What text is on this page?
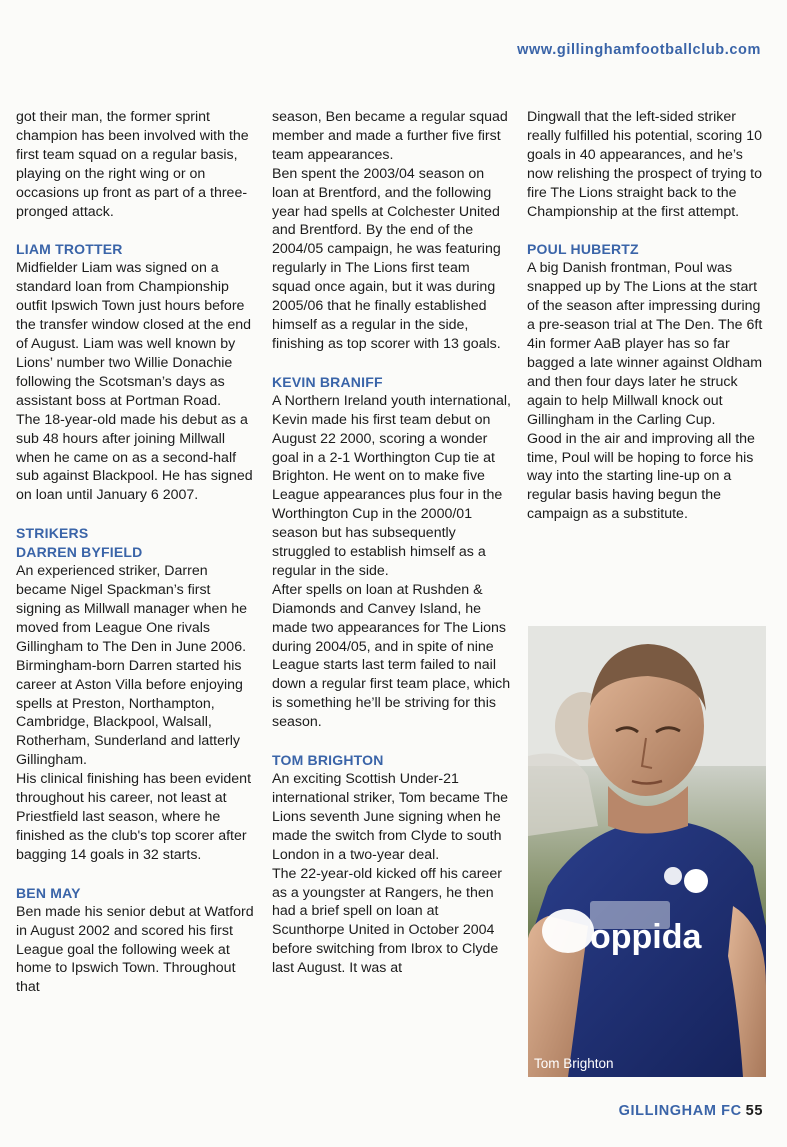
www.gillinghamfootballclub.com

got their man, the former sprint champion has been involved with the first team squad on a regular basis, playing on the right wing or on occasions up front as part of a three-pronged attack.

LIAM TROTTER

Midfielder Liam was signed on a standard loan from Championship outfit Ipswich Town just hours before the transfer window closed at the end of August. Liam was well known by Lions’ number two Willie Donachie following the Scotsman’s days as assistant boss at Portman Road.

The 18-year-old made his debut as a sub 48 hours after joining Millwall when he came on as a second-half sub against Blackpool. He has signed on loan until January 6 2007.

STRIKERS
DARREN BYFIELD

An experienced striker, Darren became Nigel Spackman’s first signing as Millwall manager when he moved from League One rivals Gillingham to The Den in June 2006.

Birmingham-born Darren started his career at Aston Villa before enjoying spells at Preston, Northampton, Cambridge, Blackpool, Walsall, Rotherham, Sunderland and latterly Gillingham.

His clinical finishing has been evident throughout his career, not least at Priestfield last season, where he finished as the club's top scorer after bagging 14 goals in 32 starts.

BEN MAY

Ben made his senior debut at Watford in August 2002 and scored his first League goal the following week at home to Ipswich Town. Throughout that

season, Ben became a regular squad member and made a further five first team appearances.

Ben spent the 2003/04 season on loan at Brentford, and the following year had spells at Colchester United and Brentford. By the end of the 2004/05 campaign, he was featuring regularly in The Lions first team squad once again, but it was during 2005/06 that he finally established himself as a regular in the side, finishing as top scorer with 13 goals.

KEVIN BRANIFF

A Northern Ireland youth international, Kevin made his first team debut on August 22 2000, scoring a wonder goal in a 2-1 Worthington Cup tie at Brighton. He went on to make five League appearances plus four in the Worthington Cup in the 2000/01 season but has subsequently struggled to establish himself as a regular in the side.

After spells on loan at Rushden & Diamonds and Canvey Island, he made two appearances for The Lions during 2004/05, and in spite of nine League starts last term failed to nail down a regular first team place, which is something he’ll be striving for this season.

TOM BRIGHTON

An exciting Scottish Under-21 international striker, Tom became The Lions seventh June signing when he made the switch from Clyde to south London in a two-year deal.

The 22-year-old kicked off his career as a youngster at Rangers, he then had a brief spell on loan at Scunthorpe United in October 2004 before switching from Ibrox to Clyde last August. It was at

Dingwall that the left-sided striker really fulfilled his potential, scoring 10 goals in 40 appearances, and he’s now relishing the prospect of trying to fire The Lions straight back to the Championship at the first attempt.

POUL HUBERTZ

A big Danish frontman, Poul was snapped up by The Lions at the start of the season after impressing during a pre-season trial at The Den. The 6ft 4in former AaB player has so far bagged a late winner against Oldham and then four days later he struck again to help Millwall knock out Gillingham in the Carling Cup.

Good in the air and improving all the time, Poul will be hoping to force his way into the starting line-up on a regular basis having begun the campaign as a substitute.

oppida
Tom Brighton
GILLINGHAM FC 55
